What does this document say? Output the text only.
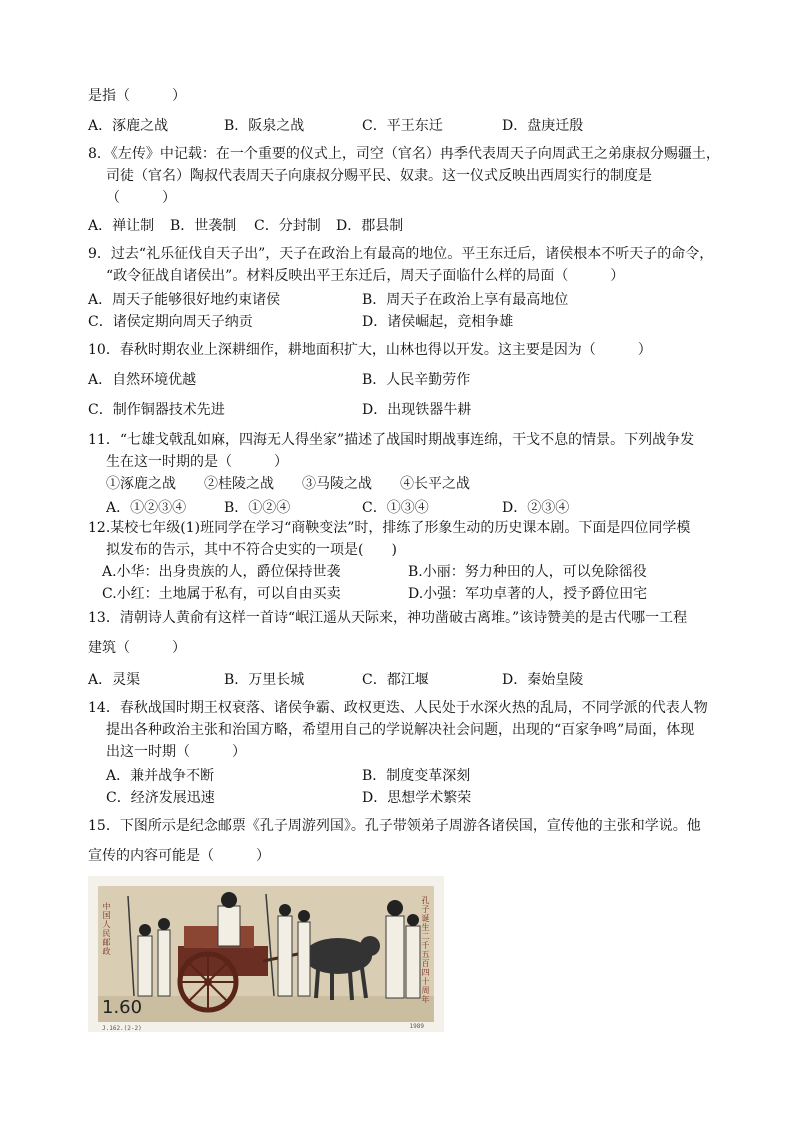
是指（　　　）
A．涿鹿之战	B．阪泉之战	C．平王东迁	D．盘庚迁殷
8．《左传》中记载：在一个重要的仪式上，司空（官名）冉季代表周天子向周武王之弟康叔分赐疆土，
司徒（官名）陶叔代表周天子向康叔分赐平民、奴隶。这一仪式反映出西周实行的制度是
（　　　）
A．禅让制 B．世袭制 C．分封制 D．郡县制
9．过去“礼乐征伐自天子出”，天子在政治上有最高的地位。平王东迁后，诸侯根本不听天子的命令，
“政令征战自诸侯出”。材料反映出平王东迁后，周天子面临什么样的局面（　　　）
A．周天子能够很好地约束诸侯	B．周天子在政治上享有最高地位
C．诸侯定期向周天子纳贡	D．诸侯崛起，竞相争雄
10．春秋时期农业上深耕细作，耕地面积扩大，山林也得以开发。这主要是因为（　　　）
A．自然环境优越	B．人民辛勤劳作
C．制作铜器技术先进	D．出现铁器牛耕
11．“七雄戈戟乱如麻，四海无人得坐家”描述了战国时期战事连绵，干戈不息的情景。下列战争发
生在这一时期的是（　　　）
①涿鹿之战　　②桂陵之战　　③马陵之战　　④长平之战
A．①②③④	B．①②④	C．①③④	D．②③④
12.某校七年级(1)班同学在学习“商鞅变法”时，排练了形象生动的历史课本剧。下面是四位同学模
拟发布的告示，其中不符合史实的一项是(　　)
A.小华：出身贵族的人，爵位保持世袭	B.小丽：努力种田的人，可以免除徭役
C.小红：土地属于私有，可以自由买卖	D.小强：军功卓著的人，授予爵位田宅
13．清朝诗人黄俞有这样一首诗“岷江遥从天际来，神功凿破古离堆。”该诗赞美的是古代哪一工程
建筑（　　　）
A．灵渠	B．万里长城	C．都江堰	D．秦始皇陵
14．春秋战国时期王权衰落、诸侯争霸、政权更迭、人民处于水深火热的乱局，不同学派的代表人物
提出各种政治主张和治国方略，希望用自己的学说解决社会问题，出现的“百家争鸣”局面，体现
出这一时期（　　　）
A．兼并战争不断	B．制度变革深刻
C．经济发展迅速	D．思想学术繁荣
15．下图所示是纪念邮票《孔子周游列国》。孔子带领弟子周游各诸侯国，宣传他的主张和学说。他
宣传的内容可能是（　　　）
中国人民邮政	孔子诞生二千五百四十周年
1.60
J.162.(2-2)	1989
